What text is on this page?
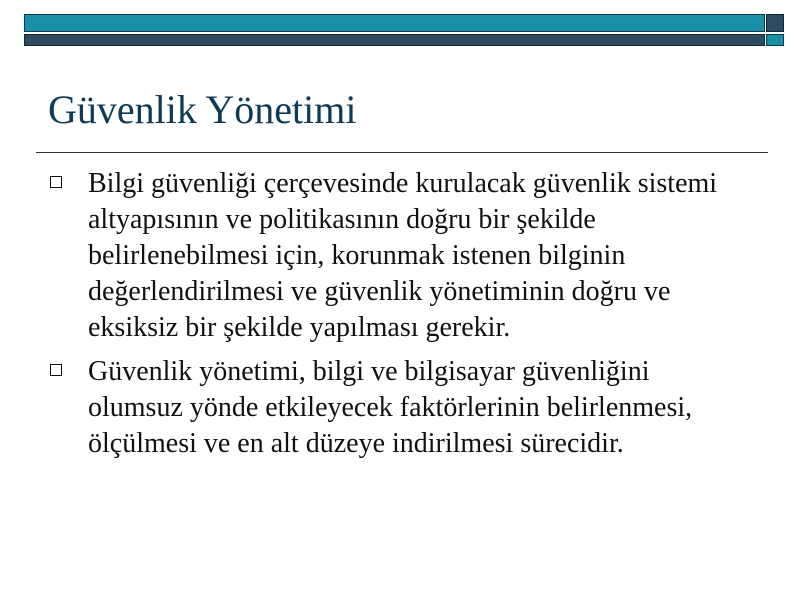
Güvenlik Yönetimi
Bilgi güvenliği çerçevesinde kurulacak güvenlik sistemi altyapısının ve politikasının doğru bir şekilde belirlenebilmesi için, korunmak istenen bilginin değerlendirilmesi ve güvenlik yönetiminin doğru ve eksiksiz bir şekilde yapılması gerekir.
Güvenlik yönetimi, bilgi ve bilgisayar güvenliğini olumsuz yönde etkileyecek faktörlerinin belirlenmesi, ölçülmesi ve en alt düzeye indirilmesi sürecidir.
